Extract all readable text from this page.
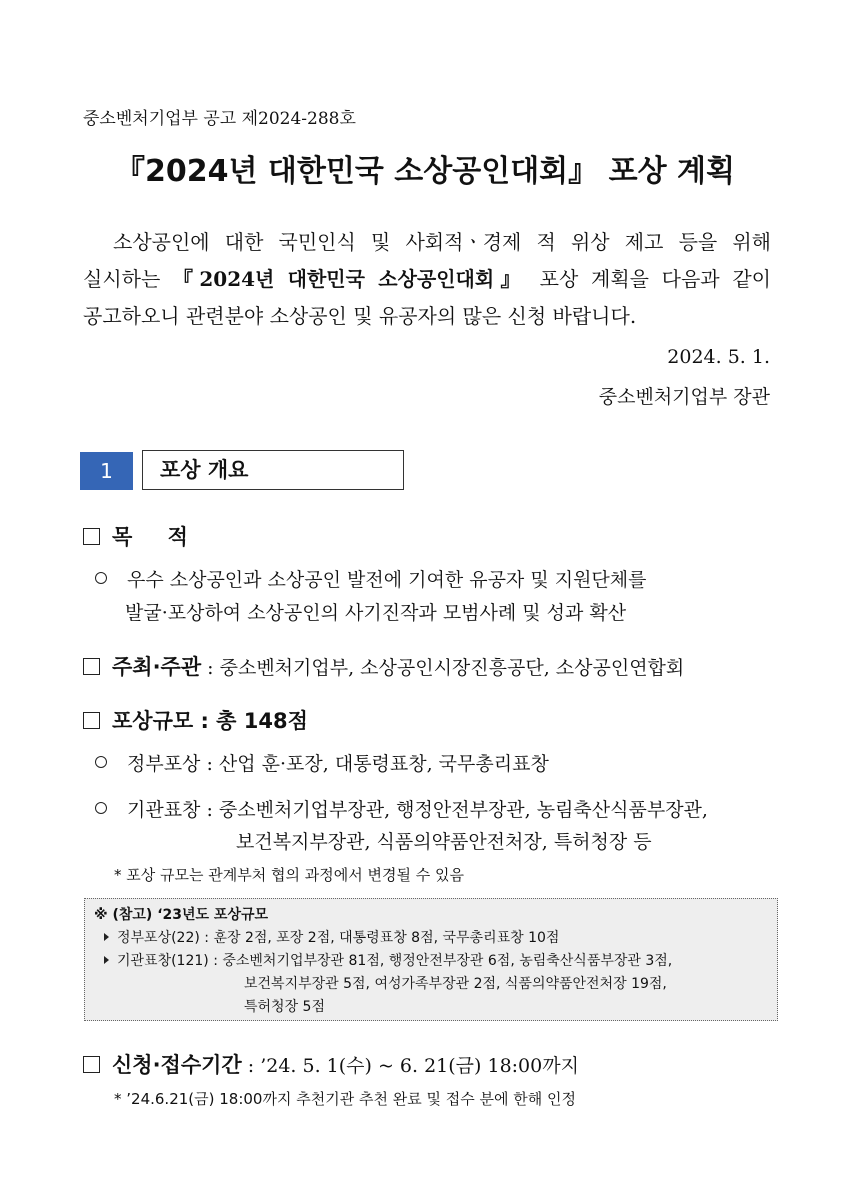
중소벤처기업부 공고 제2024-288호
『2024년 대한민국 소상공인대회』 포상 계획
소상공인에 대한 국민인식 및 사회적ㆍ경제 적 위상 제고 등을 위해
실시하는 『2024년 대한민국 소상공인대회』 포상 계획을 다음과 같이
공고하오니 관련분야 소상공인 및 유공자의 많은 신청 바랍니다.
2024. 5. 1.
중소벤처기업부 장관
1	포상 개요
목 적
우수 소상공인과 소상공인 발전에 기여한 유공자 및 지원단체를
발굴·포상하여 소상공인의 사기진작과 모범사례 및 성과 확산
주최·주관 : 중소벤처기업부, 소상공인시장진흥공단, 소상공인연합회
포상규모 : 총 148점
정부포상 : 산업 훈·포장, 대통령표창, 국무총리표창
기관표창 : 중소벤처기업부장관, 행정안전부장관, 농림축산식품부장관,
보건복지부장관, 식품의약품안전처장, 특허청장 등
* 포상 규모는 관계부처 협의 과정에서 변경될 수 있음
※ (참고) ‘23년도 포상규모
정부포상(22) : 훈장 2점, 포장 2점, 대통령표창 8점, 국무총리표창 10점
기관표창(121) : 중소벤처기업부장관 81점, 행정안전부장관 6점, 농림축산식품부장관 3점,
보건복지부장관 5점, 여성가족부장관 2점, 식품의약품안전처장 19점,
특허청장 5점
신청·접수기간 : ’24. 5. 1(수) ~ 6. 21(금) 18:00까지
* ’24.6.21(금) 18:00까지 추천기관 추천 완료 및 접수 분에 한해 인정
